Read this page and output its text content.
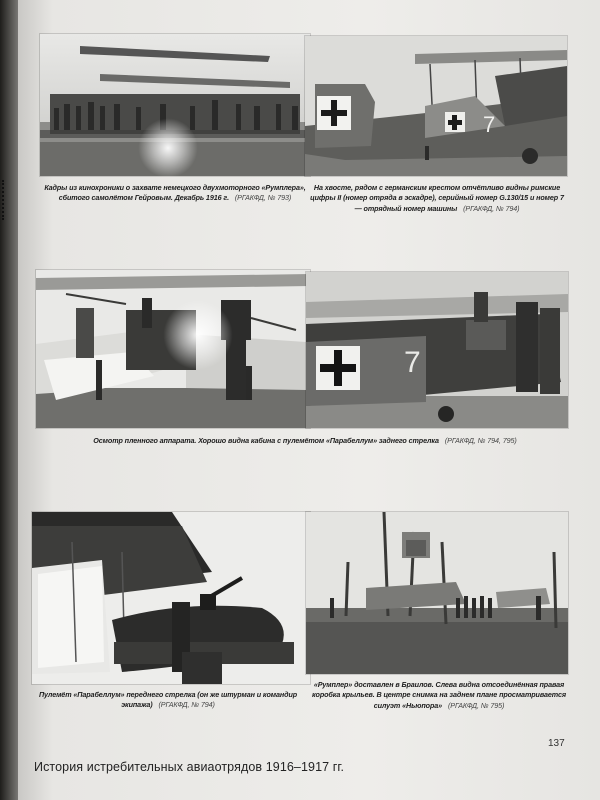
7
Кадры из кинохроники о захвате немецкого двухмоторного «Румплера», сбитого самолётом Гейровым. Декабрь 1916 г. (РГАКФД, № 793)
На хвосте, рядом с германским крестом отчётливо видны римские цифры II (номер отряда в эскадре), серийный номер G.130/15 и номер 7 — отрядный номер машины (РГАКФД, № 794)
7
Осмотр пленного аппарата. Хорошо видна кабина с пулемётом «Парабеллум» заднего стрелка (РГАКФД, № 794, 795)
Пулемёт «Парабеллум» переднего стрелка (он же штурман и командир экипажа) (РГАКФД, № 794)
«Румплер» доставлен в Браилов. Слева видна отсоединённая правая коробка крыльев. В центре снимка на заднем плане просматривается силуэт «Ньюпора» (РГАКФД, № 795)
137
История истребительных авиаотрядов 1916–1917 гг.
